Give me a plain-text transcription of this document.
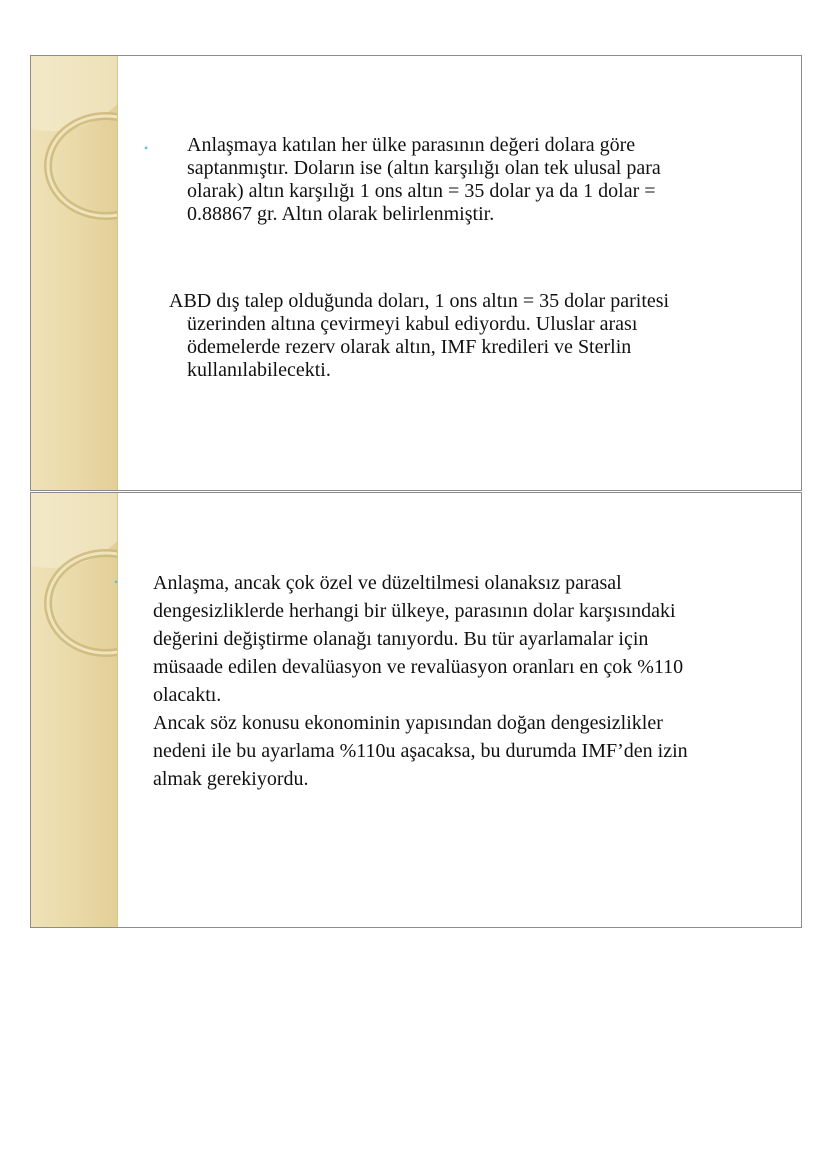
• Anlaşmaya katılan her ülke parasının değeri dolara göre saptanmıştır. Doların ise (altın karşılığı olan tek ulusal para olarak) altın karşılığı 1 ons altın = 35 dolar ya da 1 dolar = 0.88867 gr. Altın olarak belirlenmiştir.

ABD dış talep olduğunda doları, 1 ons altın = 35 dolar paritesi üzerinden altına çevirmeyi kabul ediyordu. Uluslar arası ödemelerde rezerv olarak altın, IMF kredileri ve Sterlin kullanılabilecekti.

• Anlaşma, ancak çok özel ve düzeltilmesi olanaksız parasal dengesizliklerde herhangi bir ülkeye, parasının dolar karşısındaki değerini değiştirme olanağı tanıyordu. Bu tür ayarlamalar için müsaade edilen devalüasyon ve revalüasyon oranları en çok %110 olacaktı.

Ancak söz konusu ekonominin yapısından doğan dengesizlikler nedeni ile bu ayarlama %110u aşacaksa, bu durumda IMF’den izin almak gerekiyordu.
